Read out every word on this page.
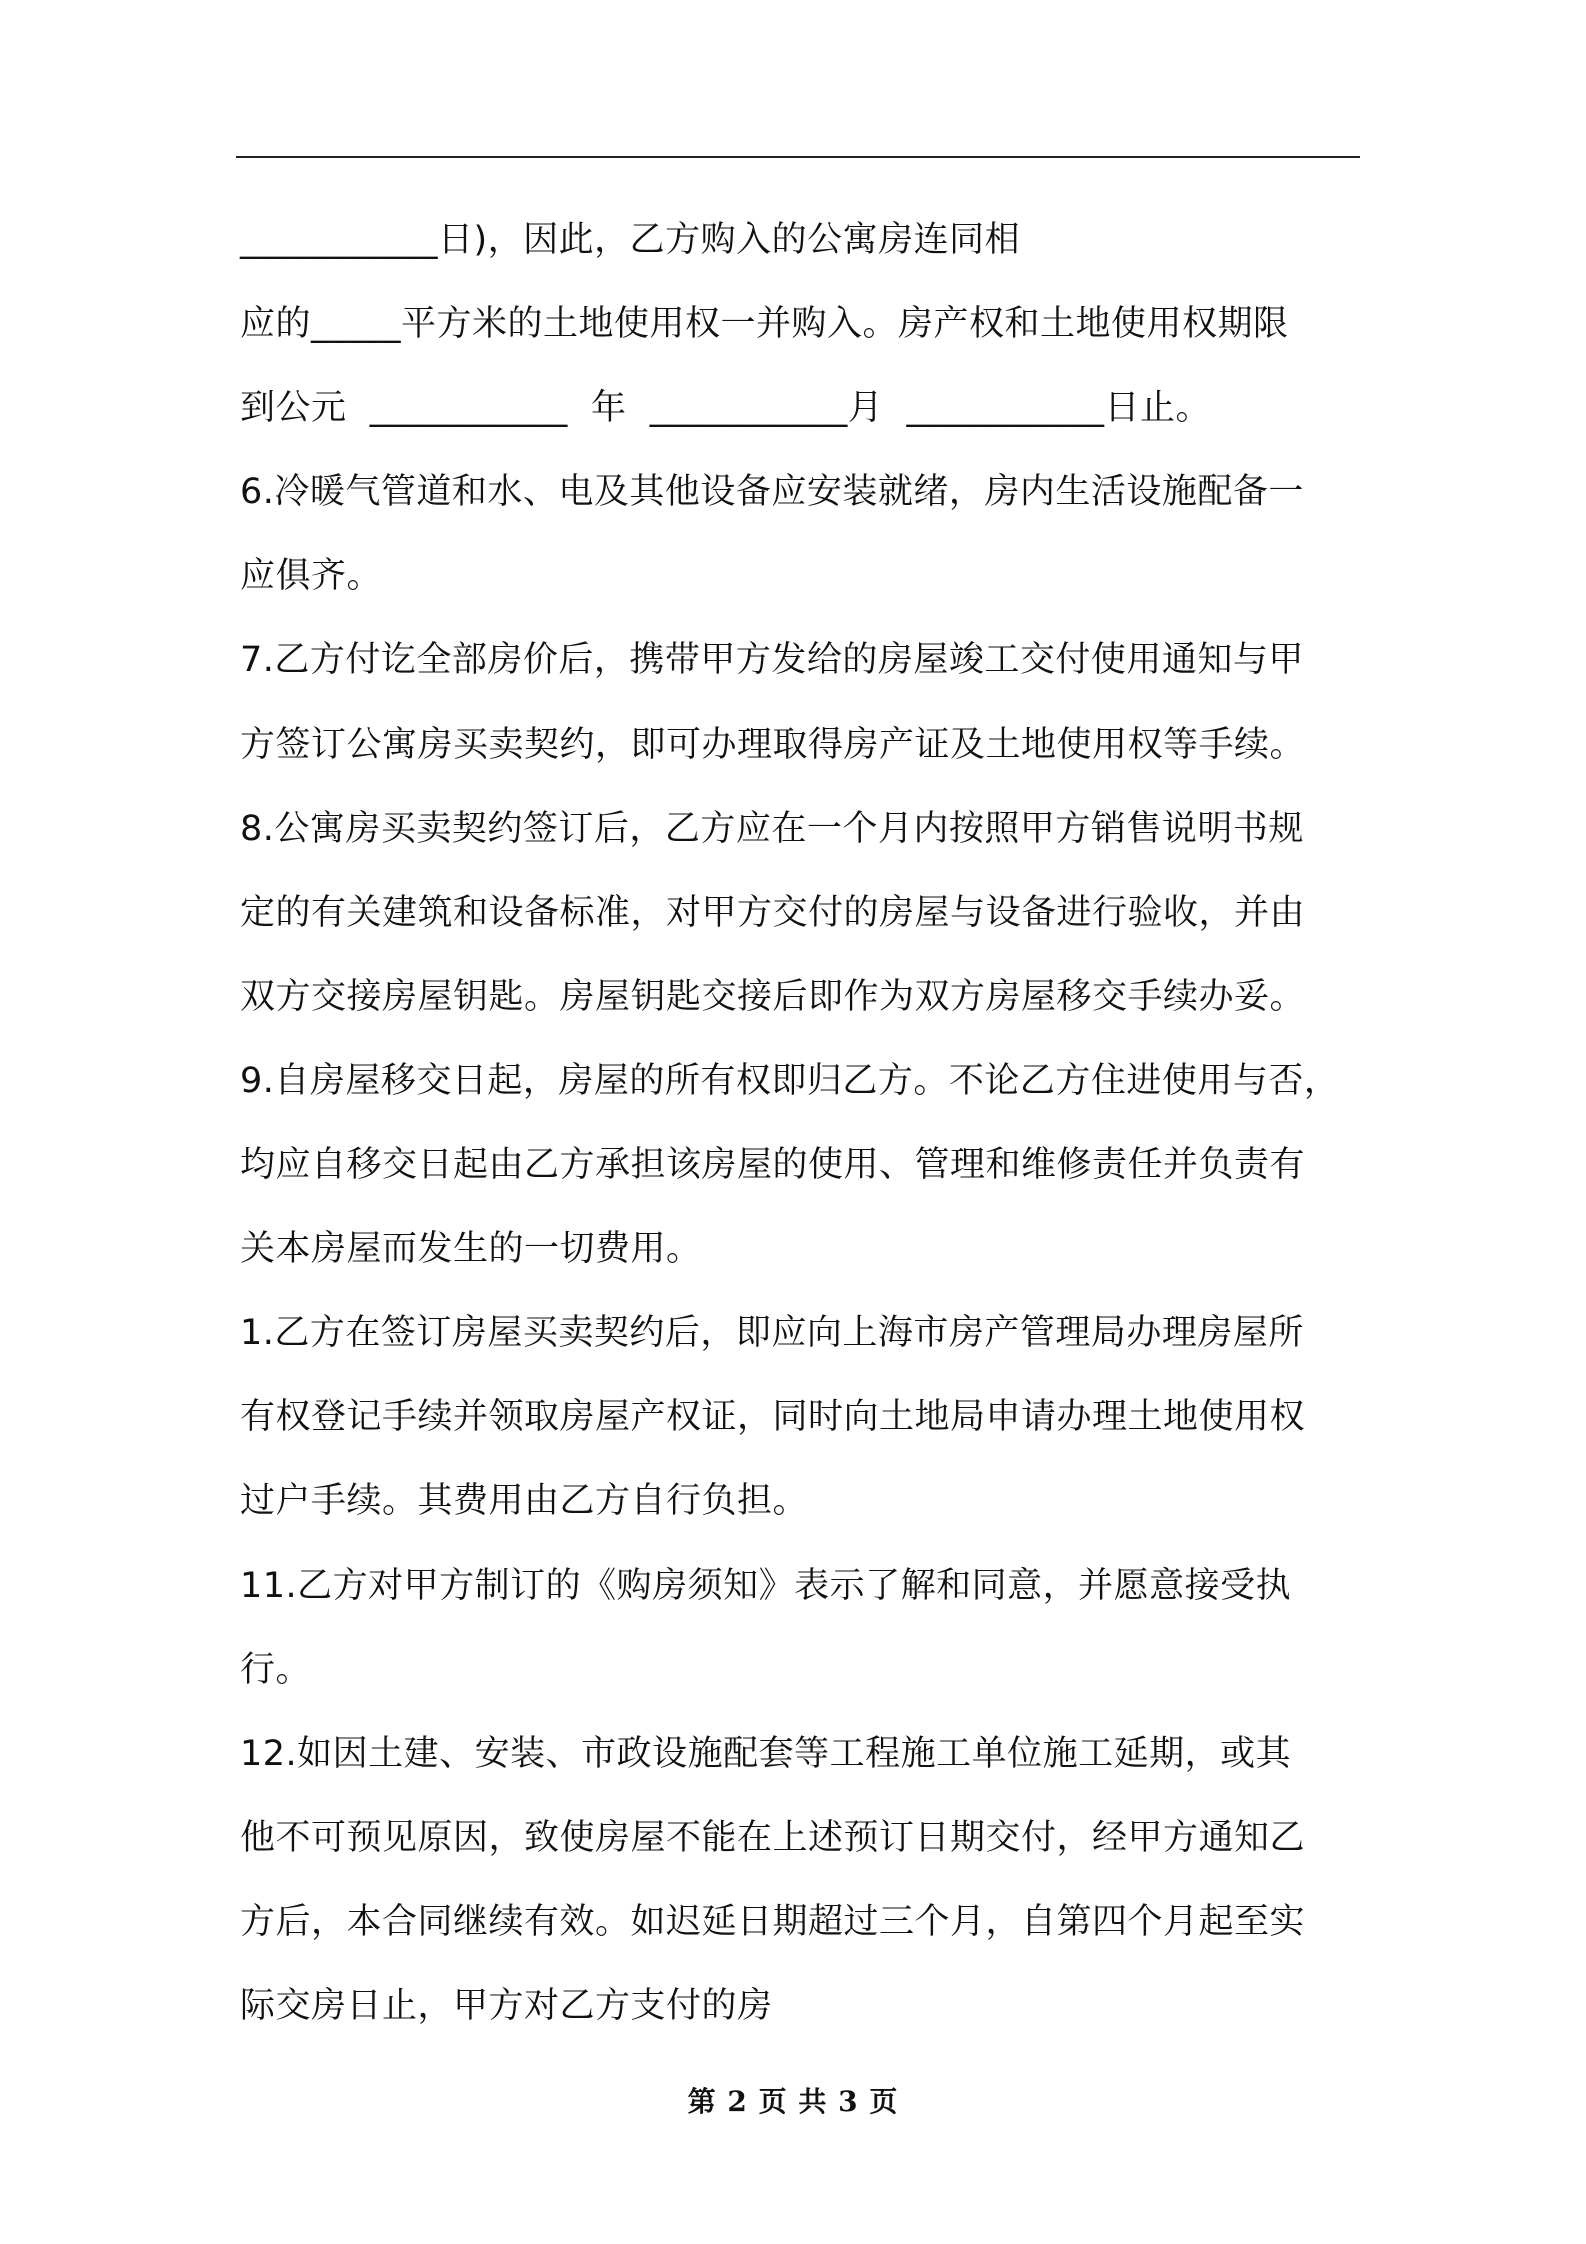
___________日)，因此，乙方购入的公寓房连同相
应的_____平方米的土地使用权一并购入。房产权和土地使用权期限
到公元  ___________  年  ___________月  ___________日止。
6.冷暖气管道和水、电及其他设备应安装就绪，房内生活设施配备一
应俱齐。
7.乙方付讫全部房价后，携带甲方发给的房屋竣工交付使用通知与甲
方签订公寓房买卖契约，即可办理取得房产证及土地使用权等手续。
8.公寓房买卖契约签订后，乙方应在一个月内按照甲方销售说明书规
定的有关建筑和设备标准，对甲方交付的房屋与设备进行验收，并由
双方交接房屋钥匙。房屋钥匙交接后即作为双方房屋移交手续办妥。
9.自房屋移交日起，房屋的所有权即归乙方。不论乙方住进使用与否，
均应自移交日起由乙方承担该房屋的使用、管理和维修责任并负责有
关本房屋而发生的一切费用。
1.乙方在签订房屋买卖契约后，即应向上海市房产管理局办理房屋所
有权登记手续并领取房屋产权证，同时向土地局申请办理土地使用权
过户手续。其费用由乙方自行负担。
11.乙方对甲方制订的《购房须知》表示了解和同意，并愿意接受执
行。
12.如因土建、安装、市政设施配套等工程施工单位施工延期，或其
他不可预见原因，致使房屋不能在上述预订日期交付，经甲方通知乙
方后，本合同继续有效。如迟延日期超过三个月，自第四个月起至实
际交房日止，甲方对乙方支付的房
第 2 页 共 3 页
